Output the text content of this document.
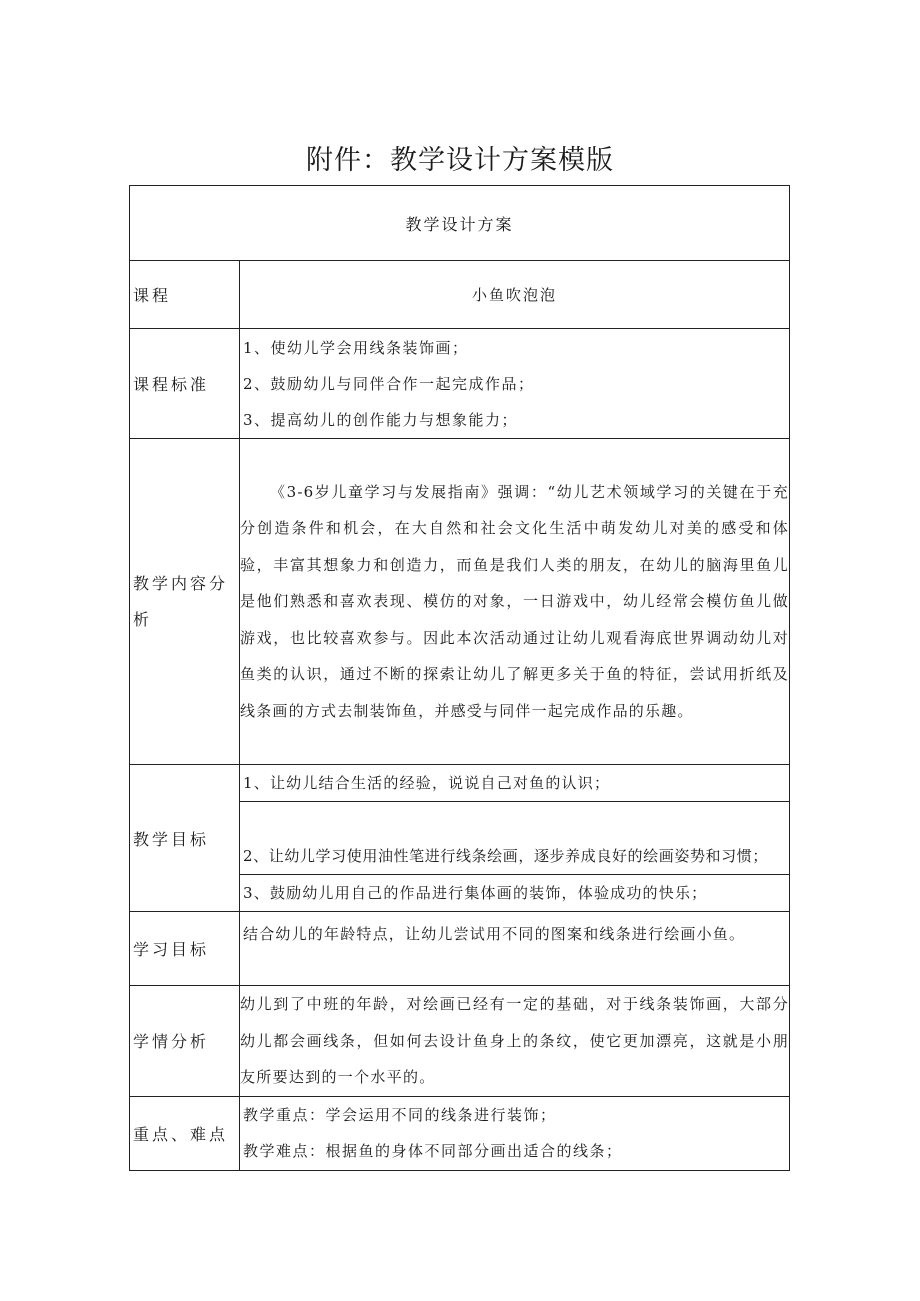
附件：教学设计方案模版
教学设计方案	
课程	小鱼吹泡泡
课程标准	1、使幼儿学会用线条装饰画；
2、鼓励幼儿与同伴合作一起完成作品；
3、提高幼儿的创作能力与想象能力；

教学内容分析	《3-6岁儿童学习与发展指南》强调：“幼儿艺术领域学习的关键在于充分创造条件和机会，在大自然和社会文化生活中萌发幼儿对美的感受和体验，丰富其想象力和创造力，而鱼是我们人类的朋友，在幼儿的脑海里鱼儿是他们熟悉和喜欢表现、模仿的对象，一日游戏中，幼儿经常会模仿鱼儿做游戏，也比较喜欢参与。因此本次活动通过让幼儿观看海底世界调动幼儿对鱼类的认识，通过不断的探索让幼儿了解更多关于鱼的特征，尝试用折纸及线条画的方式去制装饰鱼，并感受与同伴一起完成作品的乐趣。
教学目标	1、让幼儿结合生活的经验，说说自己对鱼的认识；

	2、让幼儿学习使用油性笔进行线条绘画，逐步养成良好的绘画姿势和习惯；

	3、鼓励幼儿用自己的作品进行集体画的装饰，体验成功的快乐；

学习目标	结合幼儿的年龄特点，让幼儿尝试用不同的图案和线条进行绘画小鱼。

学情分析	幼儿到了中班的年龄，对绘画已经有一定的基础，对于线条装饰画，大部分幼儿都会画线条，但如何去设计鱼身上的条纹，使它更加漂亮，这就是小朋友所要达到的一个水平的。
重点、难点	教学重点：学会运用不同的线条进行装饰；
教学难点：根据鱼的身体不同部分画出适合的线条；
